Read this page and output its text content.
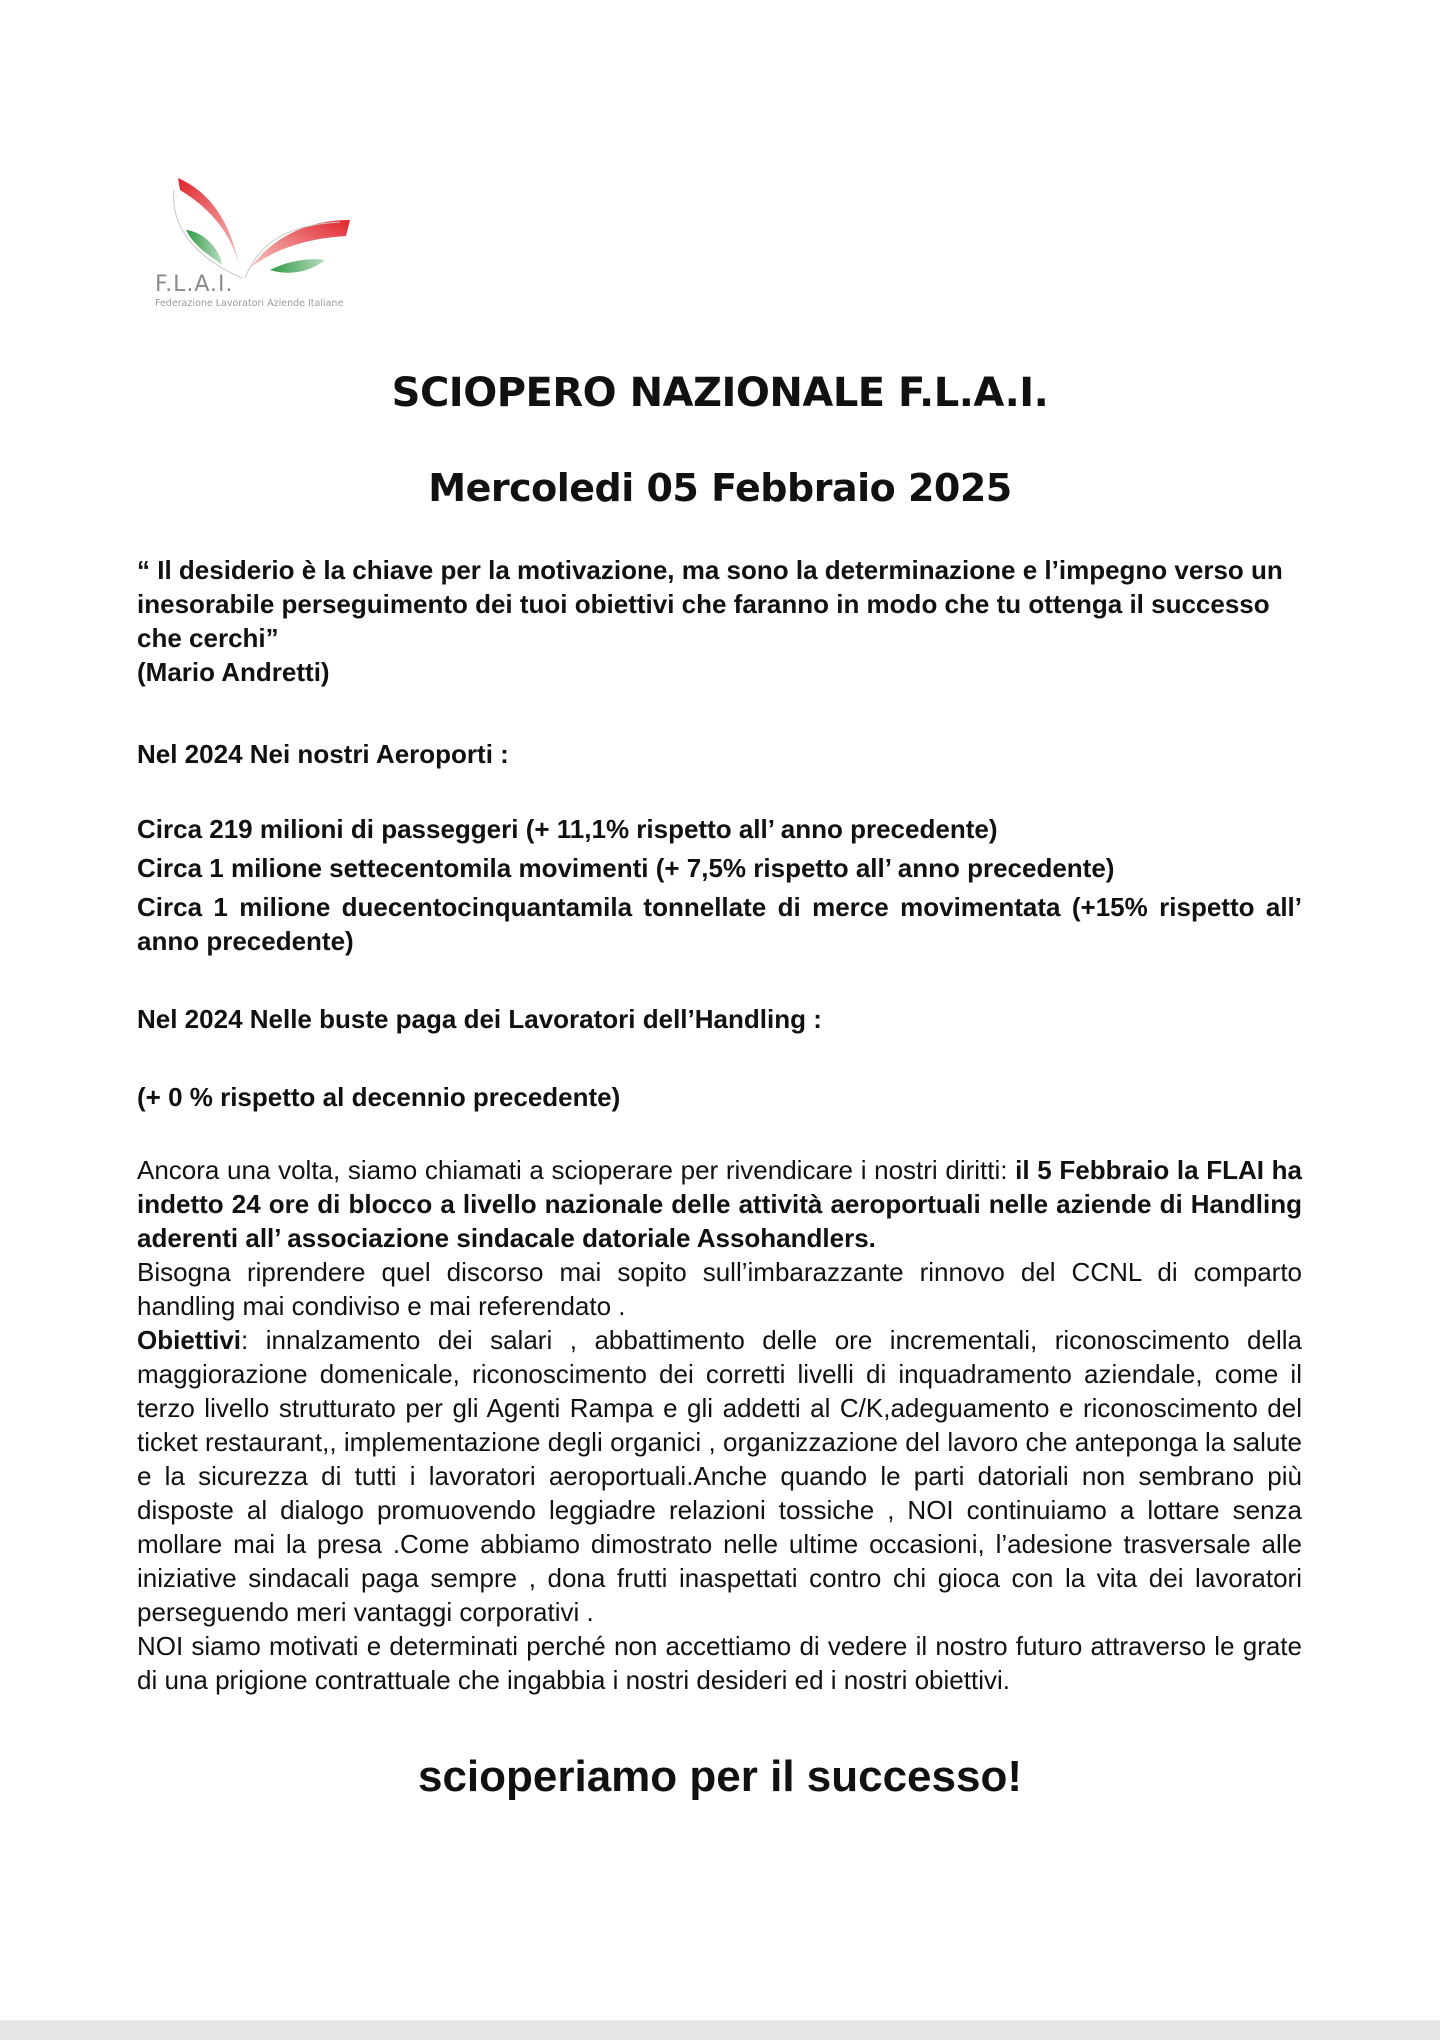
F.L.A.I.
Federazione Lavoratori Aziende Italiane
SCIOPERO NAZIONALE F.L.A.I.
Mercoledi 05 Febbraio 2025
“ Il desiderio è la chiave per la motivazione, ma sono la determinazione e l’impegno verso un inesorabile perseguimento dei tuoi obiettivi che faranno in modo che tu ottenga il successo che cerchi”
(Mario Andretti)
Nel 2024 Nei nostri Aeroporti :
Circa 219 milioni di passeggeri (+ 11,1% rispetto all’ anno precedente)
Circa 1 milione settecentomila movimenti (+ 7,5% rispetto all’ anno precedente)
Circa 1 milione duecentocinquantamila tonnellate di merce movimentata (+15% rispetto all’ anno precedente)
Nel 2024 Nelle buste paga dei Lavoratori dell’Handling :
(+ 0 % rispetto al decennio precedente)
Ancora una volta, siamo chiamati a scioperare per rivendicare i nostri diritti: il 5 Febbraio la FLAI ha indetto 24 ore di blocco a livello nazionale delle attività aeroportuali nelle aziende di Handling aderenti all’ associazione sindacale datoriale Assohandlers.
Bisogna riprendere quel discorso mai sopito sull’imbarazzante rinnovo del CCNL di comparto handling mai condiviso e mai referendato .
Obiettivi: innalzamento dei salari , abbattimento delle ore incrementali, riconoscimento della maggiorazione domenicale, riconoscimento dei corretti livelli di inquadramento aziendale, come il terzo livello strutturato per gli Agenti Rampa e gli addetti al C/K,adeguamento e riconoscimento del ticket restaurant,, implementazione degli organici , organizzazione del lavoro che anteponga la salute e la sicurezza di tutti i lavoratori aeroportuali.Anche quando le parti datoriali non sembrano più disposte al dialogo promuovendo leggiadre relazioni tossiche , NOI continuiamo a lottare senza mollare mai la presa .Come abbiamo dimostrato nelle ultime occasioni, l’adesione trasversale alle iniziative sindacali paga sempre , dona frutti inaspettati contro chi gioca con la vita dei lavoratori perseguendo meri vantaggi corporativi .
NOI siamo motivati e determinati perché non accettiamo di vedere il nostro futuro attraverso le grate di una prigione contrattuale che ingabbia i nostri desideri ed i nostri obiettivi.
scioperiamo per il successo!
